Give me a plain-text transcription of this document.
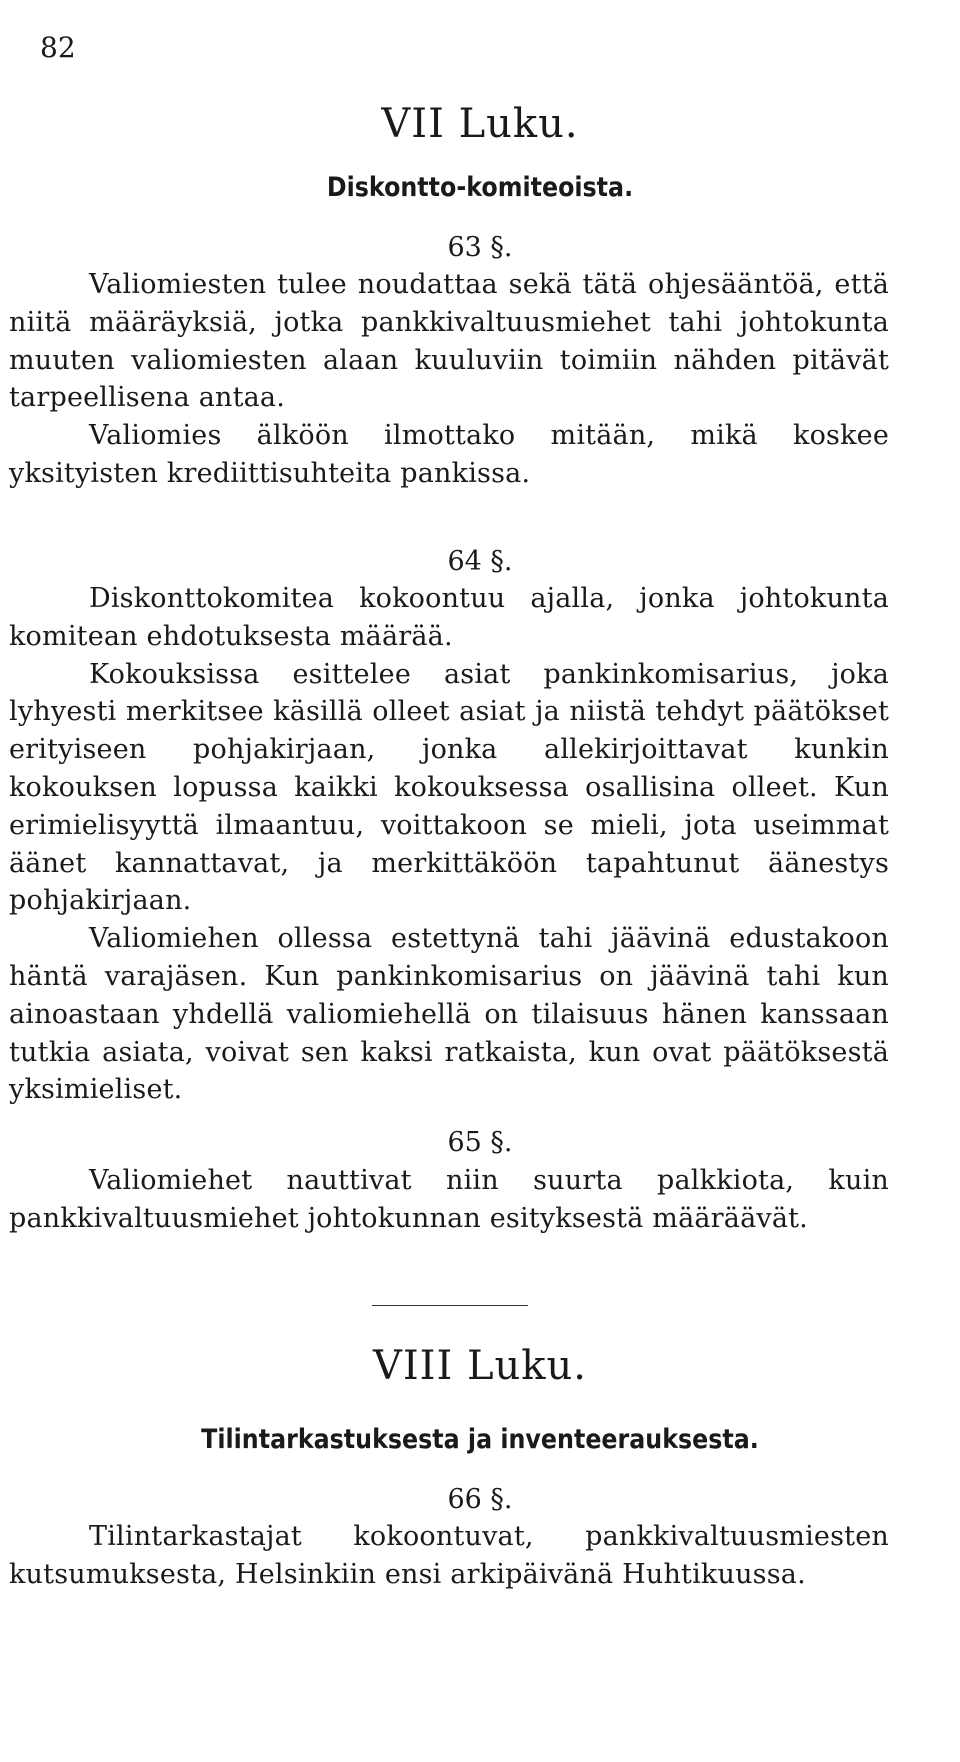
82
VII Luku.
Diskontto-komiteoista.
63 §.

Valiomiesten tulee noudattaa sekä tätä ohjesääntöä, että niitä määräyksiä, jotka pankkivaltuusmiehet tahi johtokunta muuten valiomiesten alaan kuuluviin toimiin nähden pitävät tarpeellisena antaa.

Valiomies älköön ilmottako mitään, mikä koskee yksityisten krediittisuhteita pankissa.

64 §.

Diskonttokomitea kokoontuu ajalla, jonka johtokunta komitean ehdotuksesta määrää.

Kokouksissa esittelee asiat pankinkomisarius, joka lyhyesti merkitsee käsillä olleet asiat ja niistä tehdyt päätökset erityiseen pohjakirjaan, jonka allekirjoittavat kunkin kokouksen lopussa kaikki kokouksessa osallisina olleet. Kun erimielisyyttä ilmaantuu, voittakoon se mieli, jota useimmat äänet kannattavat, ja merkittäköön tapahtunut äänestys pohjakirjaan.

Valiomiehen ollessa estettynä tahi jäävinä edustakoon häntä varajäsen. Kun pankinkomisarius on jäävinä tahi kun ainoastaan yhdellä valiomiehellä on tilaisuus hänen kanssaan tutkia asiata, voivat sen kaksi ratkaista, kun ovat päätöksestä yksimieliset.

65 §.

Valiomiehet nauttivat niin suurta palkkiota, kuin pankkivaltuusmiehet johtokunnan esityksestä määräävät.

VIII Luku.
Tilintarkastuksesta ja inventeerauksesta.
66 §.

Tilintarkastajat kokoontuvat, pankkivaltuusmiesten kutsumuksesta, Helsinkiin ensi arkipäivänä Huhtikuussa.
